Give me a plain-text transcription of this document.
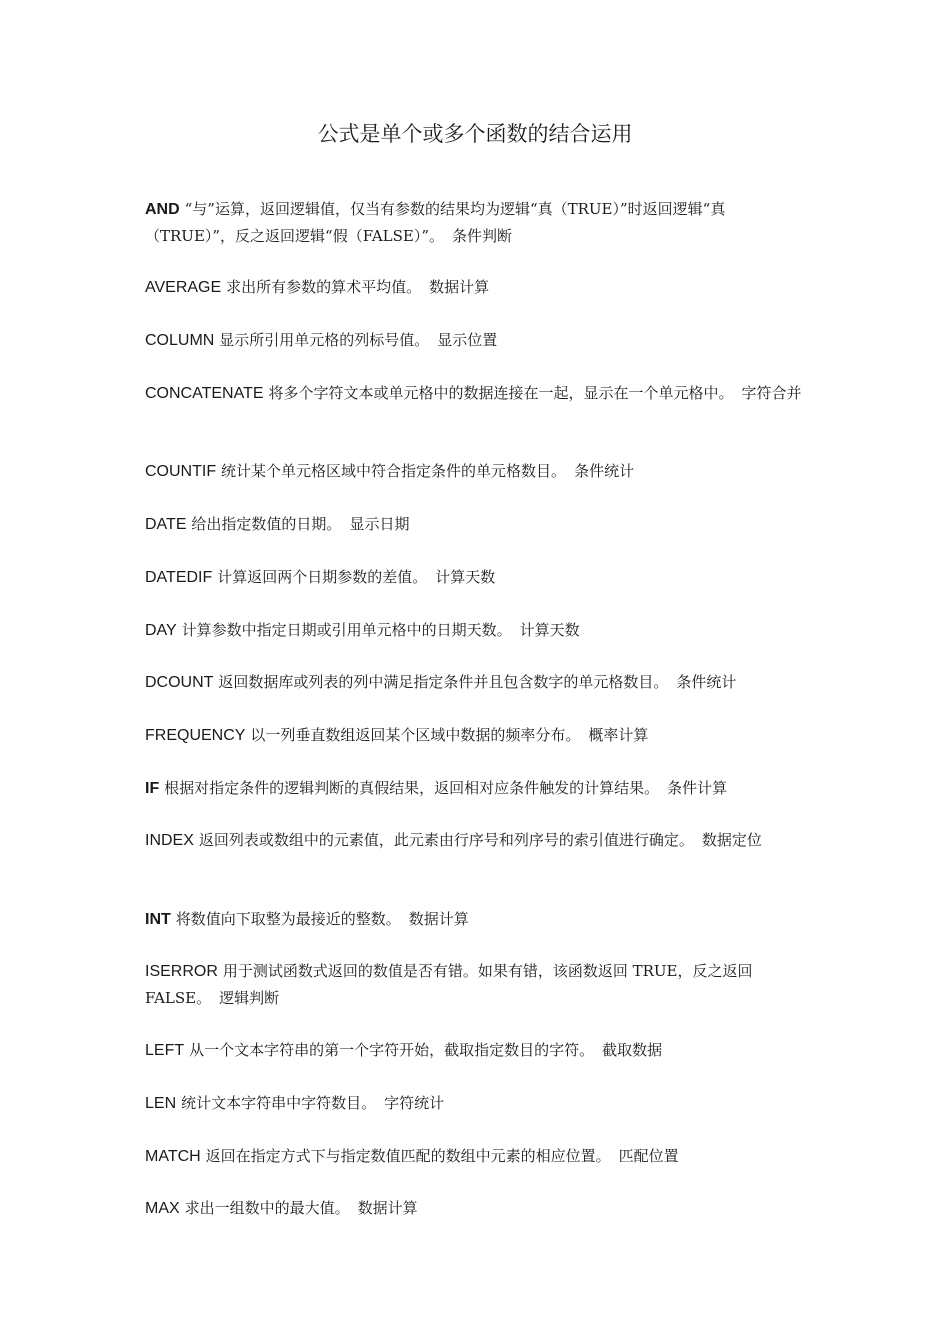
公式是单个或多个函数的结合运用

AND “与”运算，返回逻辑值，仅当有参数的结果均为逻辑“真（TRUE）”时返回逻辑“真（TRUE）”，反之返回逻辑“假（FALSE）”。 条件判断

AVERAGE 求出所有参数的算术平均值。 数据计算

COLUMN 显示所引用单元格的列标号值。 显示位置

CONCATENATE 将多个字符文本或单元格中的数据连接在一起，显示在一个单元格中。 字符合并

COUNTIF 统计某个单元格区域中符合指定条件的单元格数目。 条件统计

DATE 给出指定数值的日期。 显示日期

DATEDIF 计算返回两个日期参数的差值。 计算天数

DAY 计算参数中指定日期或引用单元格中的日期天数。 计算天数

DCOUNT 返回数据库或列表的列中满足指定条件并且包含数字的单元格数目。 条件统计

FREQUENCY 以一列垂直数组返回某个区域中数据的频率分布。 概率计算

IF 根据对指定条件的逻辑判断的真假结果，返回相对应条件触发的计算结果。 条件计算

INDEX 返回列表或数组中的元素值，此元素由行序号和列序号的索引值进行确定。 数据定位

INT 将数值向下取整为最接近的整数。 数据计算

ISERROR 用于测试函数式返回的数值是否有错。如果有错，该函数返回 TRUE，反之返回 FALSE。 逻辑判断

LEFT 从一个文本字符串的第一个字符开始，截取指定数目的字符。 截取数据

LEN 统计文本字符串中字符数目。 字符统计

MATCH 返回在指定方式下与指定数值匹配的数组中元素的相应位置。 匹配位置

MAX 求出一组数中的最大值。 数据计算
